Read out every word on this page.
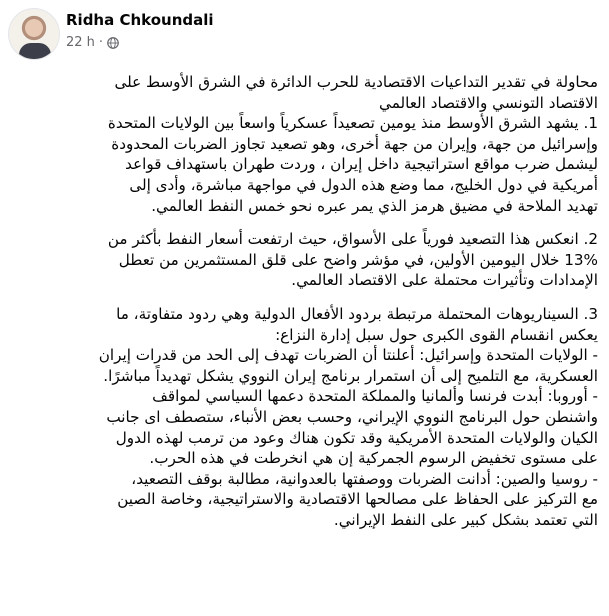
Ridha Chkoundali
22 h ·
محاولة في تقدير التداعيات الاقتصادية للحرب الدائرة في الشرق الأوسط على
الاقتصاد التونسي والاقتصاد العالمي
1. يشهد الشرق الأوسط منذ يومين تصعيداً عسكرياً واسعاً بين الولايات المتحدة
وإسرائيل من جهة، وإيران من جهة أخرى، وهو تصعيد تجاوز الضربات المحدودة
ليشمل ضرب مواقع استراتيجية داخل إيران ، وردت طهران باستهداف قواعد
أمريكية في دول الخليج، مما وضع هذه الدول في مواجهة مباشرة، وأدى إلى
تهديد الملاحة في مضيق هرمز الذي يمر عبره نحو خمس النفط العالمي.
2. انعكس هذا التصعيد فورياً على الأسواق، حيث ارتفعت أسعار النفط بأكثر من
13% خلال اليومين الأولين، في مؤشر واضح على قلق المستثمرين من تعطل
الإمدادات وتأثيرات محتملة على الاقتصاد العالمي.
3. السيناريوهات المحتملة مرتبطة بردود الأفعال الدولية وهي ردود متفاوتة، ما
يعكس انقسام القوى الكبرى حول سبل إدارة النزاع:
- الولايات المتحدة وإسرائيل: أعلنتا أن الضربات تهدف إلى الحد من قدرات إيران
العسكرية، مع التلميح إلى أن استمرار برنامج إيران النووي يشكل تهديداً مباشرًا.
- أوروبا: أبدت فرنسا وألمانيا والمملكة المتحدة دعمها السياسي لمواقف
واشنطن حول البرنامج النووي الإيراني، وحسب بعض الأنباء، ستصطف اى جانب
الكيان والولايات المتحدة الأمريكية وقد تكون هناك وعود من ترمب لهذه الدول
على مستوى تخفيض الرسوم الجمركية إن هي انخرطت في هذه الحرب.
- روسيا والصين: أدانت الضربات ووصفتها بالعدوانية، مطالبة بوقف التصعيد،
مع التركيز على الحفاظ على مصالحها الاقتصادية والاستراتيجية، وخاصة الصين
التي تعتمد بشكل كبير على النفط الإيراني.
